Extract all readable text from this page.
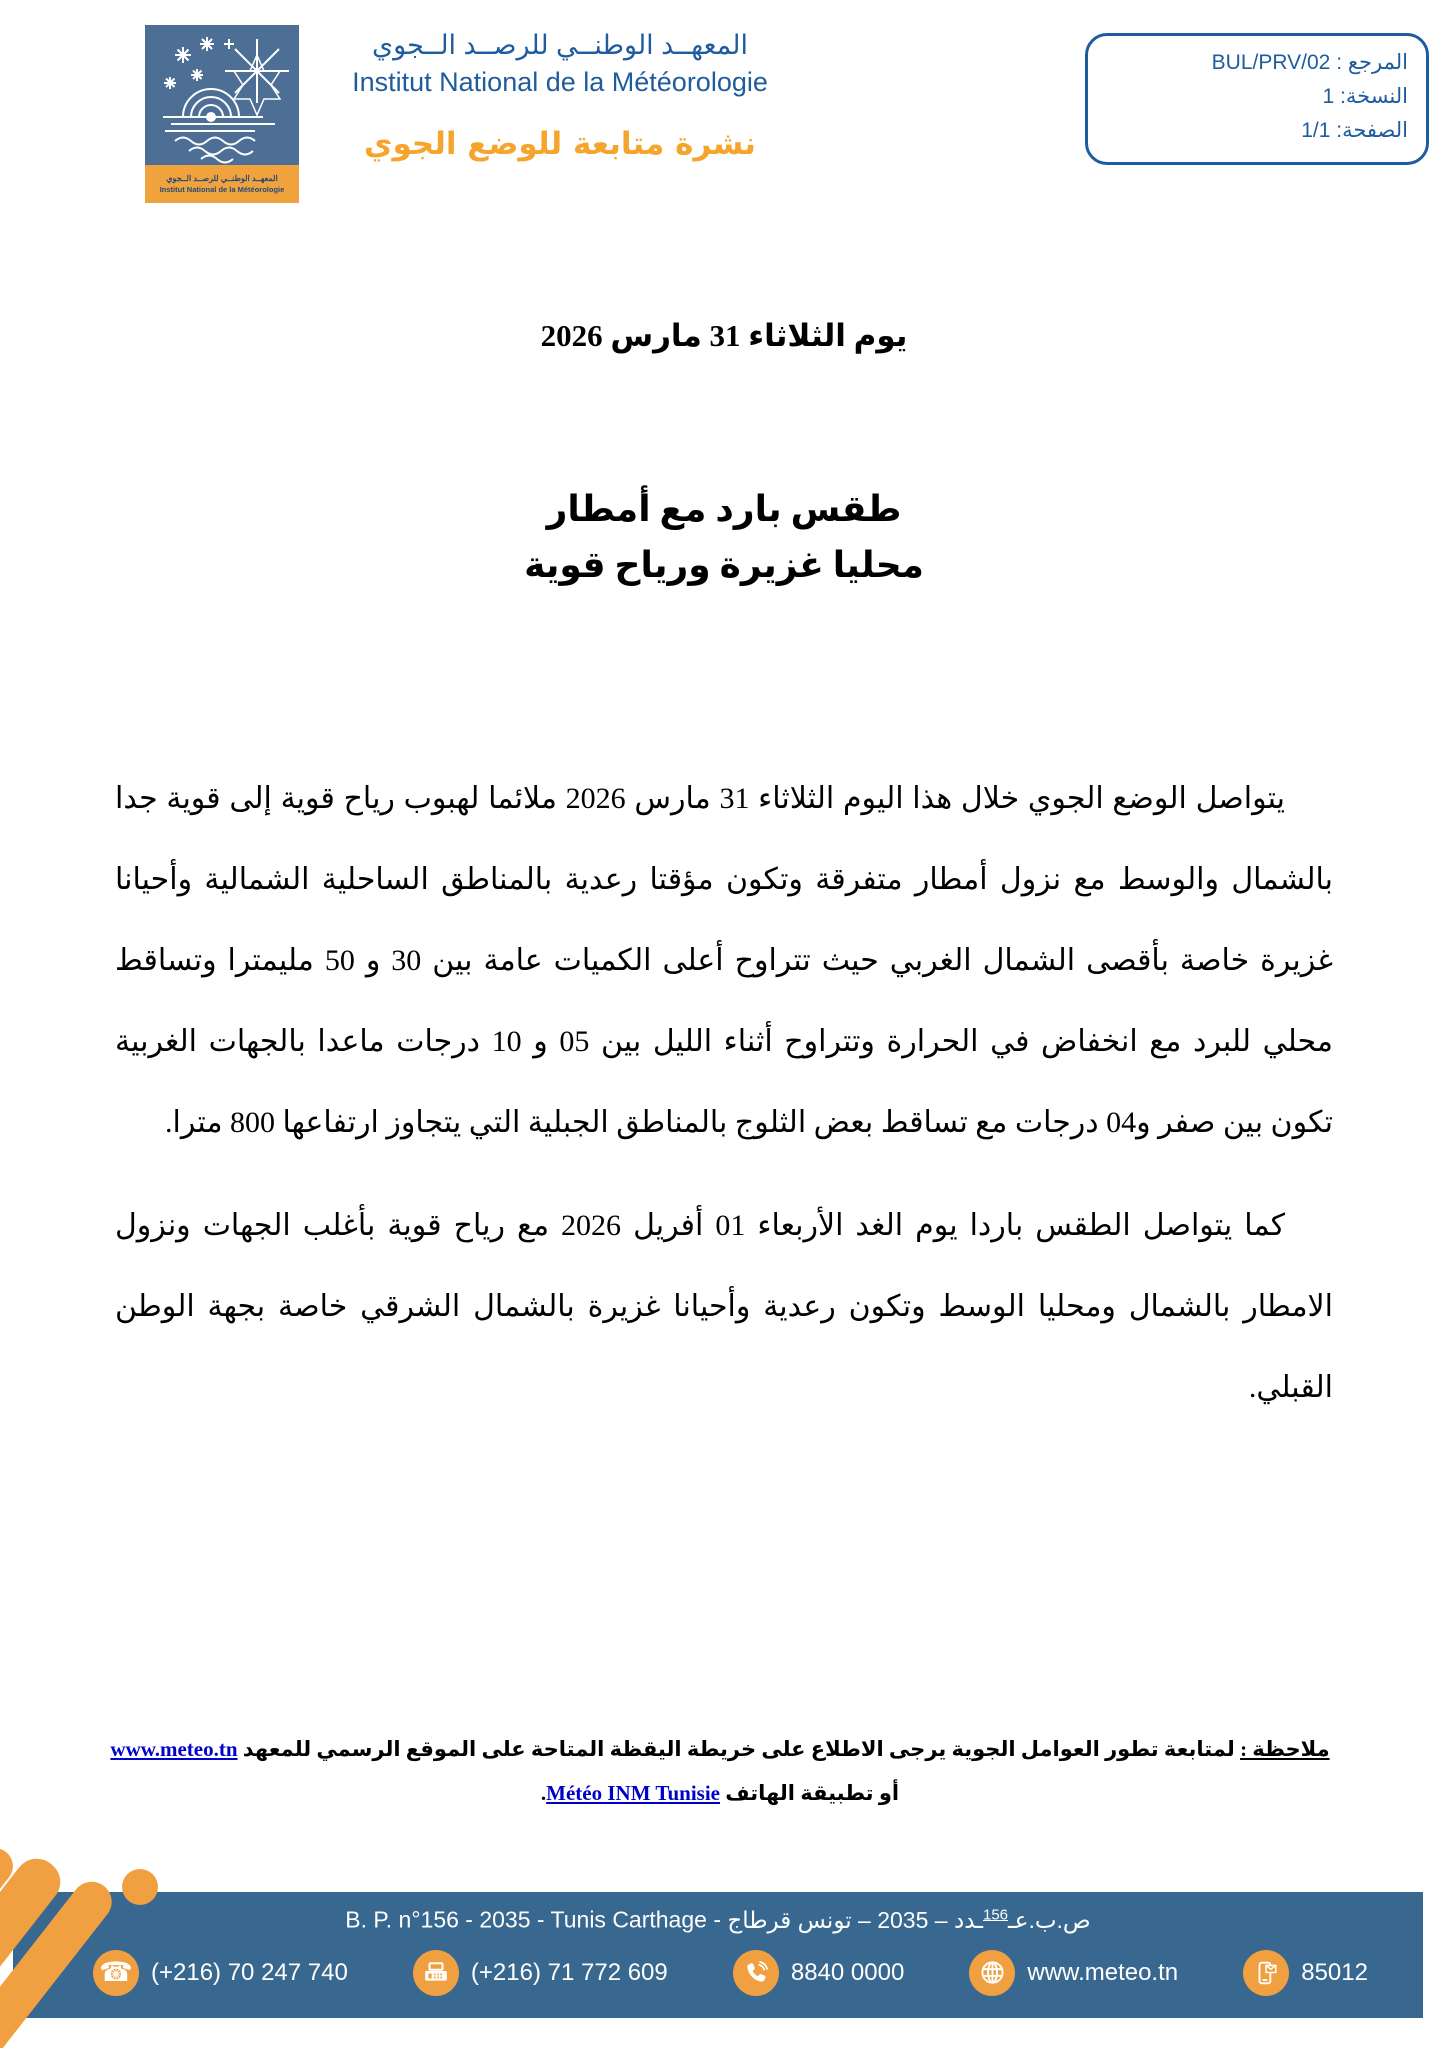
المعهــد الوطنــي للرصــد الــجوي
Institut National de la Météorologie
المعهــد الوطنــي للرصــد الــجوي
Institut National de la Météorologie
نشرة متابعة للوضع الجوي
المرجع : BUL/PRV/02
النسخة: 1
الصفحة: 1/1
يوم الثلاثاء 31 مارس 2026
طقس بارد مع أمطار
محليا غزيرة ورياح قوية

يتواصل الوضع الجوي خلال هذا اليوم الثلاثاء 31 مارس 2026 ملائما لهبوب رياح قوية إلى قوية جدا بالشمال والوسط مع نزول أمطار متفرقة وتكون مؤقتا رعدية بالمناطق الساحلية الشمالية وأحيانا غزيرة خاصة بأقصى الشمال الغربي حيث تتراوح أعلى الكميات عامة بين 30 و 50 مليمترا وتساقط محلي للبرد مع انخفاض في الحرارة وتتراوح أثناء الليل بين 05 و 10 درجات ماعدا بالجهات الغربية تكون بين صفر و04 درجات مع تساقط بعض الثلوج بالمناطق الجبلية التي يتجاوز ارتفاعها 800 مترا.

كما يتواصل الطقس باردا يوم الغد الأربعاء 01 أفريل 2026 مع رياح قوية بأغلب الجهات ونزول الامطار بالشمال ومحليا الوسط وتكون رعدية وأحيانا غزيرة بالشمال الشرقي خاصة بجهة الوطن القبلي.

ملاحظة : لمتابعة تطور العوامل الجوية يرجى الاطلاع على خريطة اليقظة المتاحة على الموقع الرسمي للمعهد www.meteo.tn
أو تطبيقة الهاتف Météo INM Tunisie.
B. P. n°156 - 2035 - Tunis Carthage -	ص.ب.عـ$^{156}$ـدد – 2035 – تونس قرطاج
☎ (+216) 70 247 740	(+216) 71 772 609	8840 0000	www.meteo.tn	85012
